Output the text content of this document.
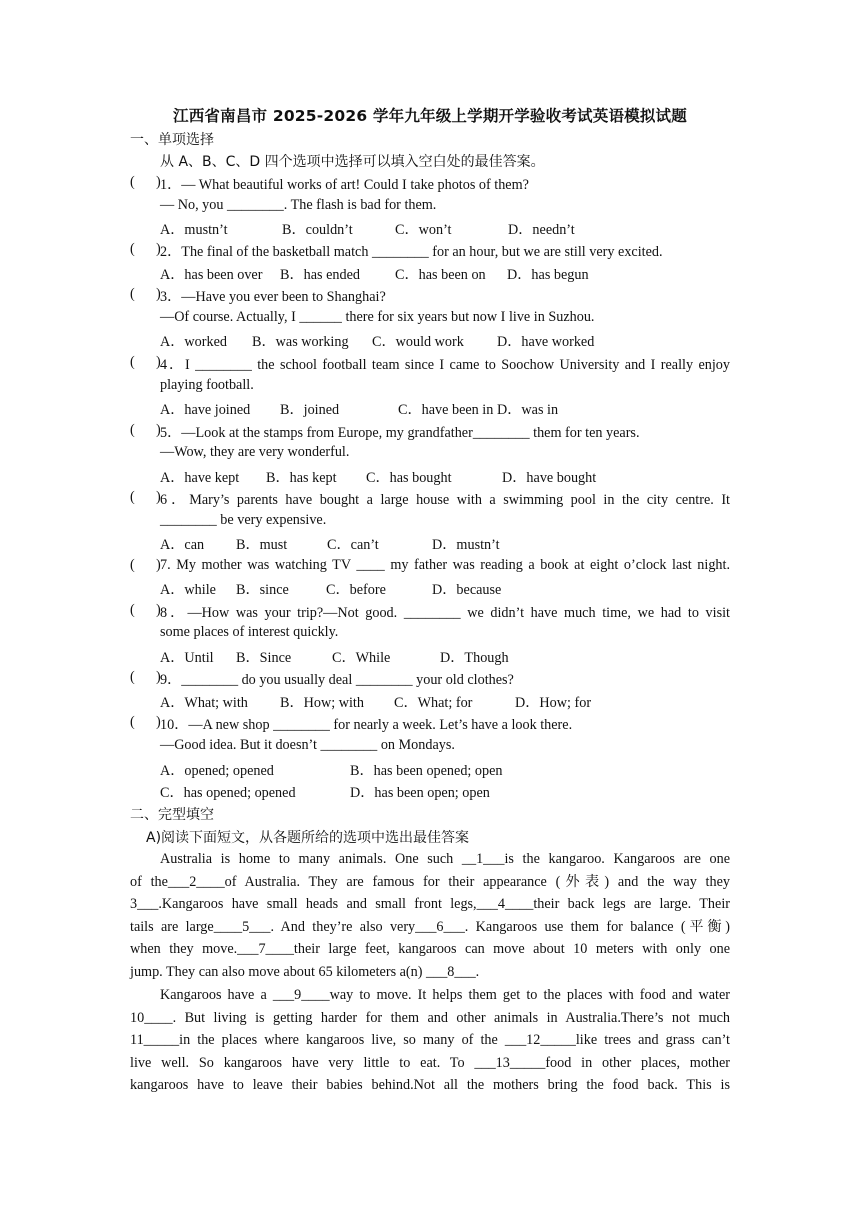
江西省南昌市 2025-2026 学年九年级上学期开学验收考试英语模拟试题
一、单项选择
从 A、B、C、D 四个选项中选择可以填入空白处的最佳答案。
(      ) 1．— What beautiful works of art! Could I take photos of them?
— No, you ________. The flash is bad for them.
A．mustn’t	B．couldn’t	C．won’t	D．needn’t
(      ) 2．The final of the basketball match ________ for an hour, but we are still very excited.
A．has been over B．has ended C．has been on D．has begun
(      ) 3．—Have you ever been to Shanghai?
—Of course. Actually, I ______ there for six years but now I live in Suzhou.
A．worked B．was working C．would work D．have worked
(      ) 4．I ________ the school football team since I came to Soochow University and I really enjoy
playing football.
A．have joined B．joined	C．have been in D．was in
(      ) 5．—Look at the stamps from Europe, my grandfather________ them for ten years.
—Wow, they are very wonderful.
A．have kept B．has kept C．has bought	D．have bought
(      ) 6．Mary’s parents have bought a large house with a swimming pool in the city centre. It
________ be very expensive.
A．can B．must	C．can’t	D．mustn’t
(      ) 7. My mother was watching TV ____ my father was reading a book at eight o’clock last night.
A．while B．since	C．before	D．because
(      ) 8．—How was your trip?—Not good. ________ we didn’t have much time, we had to visit
some places of interest quickly.
A．Until B．Since	C．While	D．Though
(      ) 9．________ do you usually deal ________ your old clothes?
A．What; with B．How; with C．What; for	D．How; for
(      ) 10．—A new shop ________ for nearly a week. Let’s have a look there.
—Good idea. But it doesn’t ________ on Mondays.
A．opened; opened	B．has been opened; open
C．has opened; opened	D．has been open; open
二、完型填空
A)阅读下面短文，从各题所给的选项中选出最佳答案
Australia is home to many animals. One such __1___is the kangaroo. Kangaroos are one
of the___2____of Australia. They are famous for their appearance (外表) and the way they
3___.Kangaroos have small heads and small front legs,___4____their back legs are large. Their
tails are large____5___. And they’re also very___6___. Kangaroos use them for balance (平衡)
when they move.___7____their large feet, kangaroos can move about 10 meters with only one
jump. They can also move about 65 kilometers a(n) ___8___.
Kangaroos have a ___9____way to move. It helps them get to the places with food and water
10____. But living is getting harder for them and other animals in Australia.There’s not much
11_____in the places where kangaroos live, so many of the ___12_____like trees and grass can’t
live well. So kangaroos have very little to eat. To ___13_____food in other places, mother
kangaroos have to leave their babies behind.Not all the mothers bring the food back. This is
